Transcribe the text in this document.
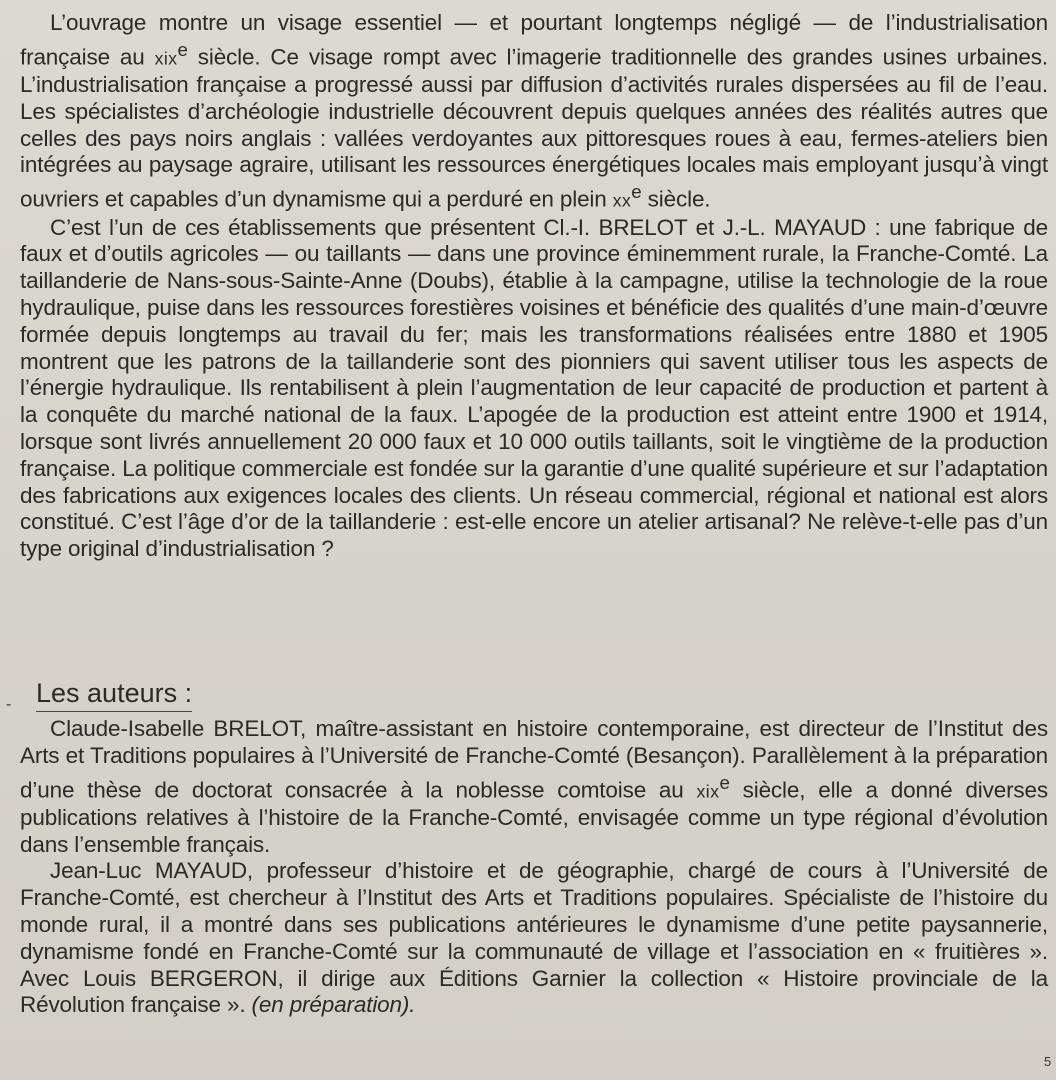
L’ouvrage montre un visage essentiel — et pourtant longtemps négligé — de l’industrialisation française au xix$^e$ siècle. Ce visage rompt avec l’imagerie traditionnelle des grandes usines urbaines. L’industrialisation française a progressé aussi par diffusion d’activités rurales dispersées au fil de l’eau. Les spécialistes d’archéologie industrielle découvrent depuis quelques années des réalités autres que celles des pays noirs anglais : vallées verdoyantes aux pittoresques roues à eau, fermes-ateliers bien intégrées au paysage agraire, utilisant les ressources énergétiques locales mais employant jusqu’à vingt ouvriers et capables d’un dynamisme qui a perduré en plein $xx^e$ siècle.

C’est l’un de ces établissements que présentent Cl.-I. BRELOT et J.-L. MAYAUD : une fabrique de faux et d’outils agricoles — ou taillants — dans une province éminemment rurale, la Franche-Comté. La taillanderie de Nans-sous-Sainte-Anne (Doubs), établie à la campagne, utilise la technologie de la roue hydraulique, puise dans les ressources forestières voisines et bénéficie des qualités d’une main-d’œuvre formée depuis longtemps au travail du fer; mais les transformations réalisées entre 1880 et 1905 montrent que les patrons de la taillanderie sont des pionniers qui savent utiliser tous les aspects de l’énergie hydraulique. Ils rentabilisent à plein l’augmentation de leur capacité de production et partent à la conquête du marché national de la faux. L’apogée de la production est atteint entre 1900 et 1914, lorsque sont livrés annuellement 20 000 faux et 10 000 outils taillants, soit le vingtième de la production française. La politique commerciale est fondée sur la garantie d’une qualité supérieure et sur l’adaptation des fabrications aux exigences locales des clients. Un réseau commercial, régional et national est alors constitué. C’est l’âge d’or de la taillanderie : est-elle encore un atelier artisanal? Ne relève-t-elle pas d’un type original d’industrialisation ?

Les auteurs :

Claude-Isabelle BRELOT, maître-assistant en histoire contemporaine, est directeur de l’Institut des Arts et Traditions populaires à l’Université de Franche-Comté (Besançon). Parallèlement à la préparation d’une thèse de doctorat consacrée à la noblesse comtoise au xix$^e$ siècle, elle a donné diverses publications relatives à l’histoire de la Franche-Comté, envisagée comme un type régional d’évolution dans l’ensemble français.

Jean-Luc MAYAUD, professeur d’histoire et de géographie, chargé de cours à l’Université de Franche-Comté, est chercheur à l’Institut des Arts et Traditions populaires. Spécialiste de l’histoire du monde rural, il a montré dans ses publications antérieures le dynamisme d’une petite paysannerie, dynamisme fondé en Franche-Comté sur la communauté de village et l’association en « fruitières ». Avec Louis BERGERON, il dirige aux Éditions Garnier la collection « Histoire provinciale de la Révolution française ». (en préparation).

-
5
